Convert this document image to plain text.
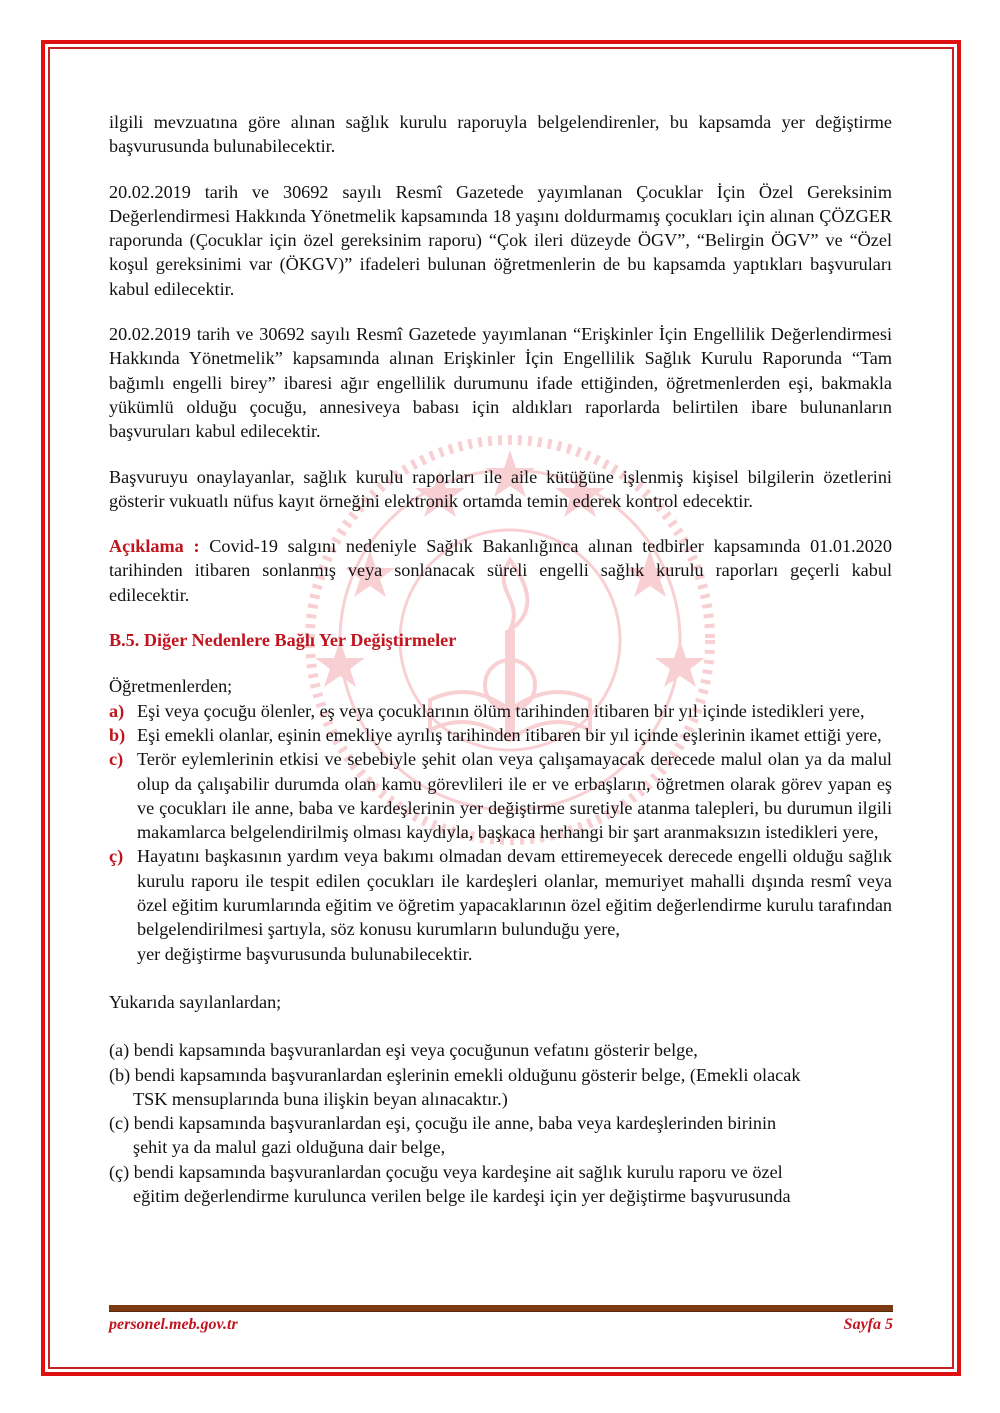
ilgili mevzuatına göre alınan sağlık kurulu raporuyla belgelendirenler, bu kapsamda yer değiştirme başvurusunda bulunabilecektir.

20.02.2019 tarih ve 30692 sayılı Resmî Gazetede yayımlanan Çocuklar İçin Özel Gereksinim Değerlendirmesi Hakkında Yönetmelik kapsamında 18 yaşını doldurmamış çocukları için alınan ÇÖZGER raporunda (Çocuklar için özel gereksinim raporu) “Çok ileri düzeyde ÖGV”, “Belirgin ÖGV” ve “Özel koşul gereksinimi var (ÖKGV)” ifadeleri bulunan öğretmenlerin de bu kapsamda yaptıkları başvuruları kabul edilecektir.

20.02.2019 tarih ve 30692 sayılı Resmî Gazetede yayımlanan “Erişkinler İçin Engellilik Değerlendirmesi Hakkında Yönetmelik” kapsamında alınan Erişkinler İçin Engellilik Sağlık Kurulu Raporunda “Tam bağımlı engelli birey” ibaresi ağır engellilik durumunu ifade ettiğinden, öğretmenlerden eşi, bakmakla yükümlü olduğu çocuğu, annesiveya babası için aldıkları raporlarda belirtilen ibare bulunanların başvuruları kabul edilecektir.

Başvuruyu onaylayanlar, sağlık kurulu raporları ile aile kütüğüne işlenmiş kişisel bilgilerin özetlerini gösterir vukuatlı nüfus kayıt örneğini elektronik ortamda temin ederek kontrol edecektir.

Açıklama : Covid-19 salgını nedeniyle Sağlık Bakanlığınca alınan tedbirler kapsamında 01.01.2020 tarihinden itibaren sonlanmış veya sonlanacak süreli engelli sağlık kurulu raporları geçerli kabul edilecektir.

B.5. Diğer Nedenlere Bağlı Yer Değiştirmeler

Öğretmenlerden;
a) Eşi veya çocuğu ölenler, eş veya çocuklarının ölüm tarihinden itibaren bir yıl içinde istedikleri yere,
b) Eşi emekli olanlar, eşinin emekliye ayrılış tarihinden itibaren bir yıl içinde eşlerinin ikamet ettiği yere,
c) Terör eylemlerinin etkisi ve sebebiyle şehit olan veya çalışamayacak derecede malul olan ya da malul olup da çalışabilir durumda olan kamu görevlileri ile er ve erbaşların, öğretmen olarak görev yapan eş ve çocukları ile anne, baba ve kardeşlerinin yer değiştirme suretiyle atanma talepleri, bu durumun ilgili makamlarca belgelendirilmiş olması kaydıyla, başkaca herhangi bir şart aranmaksızın istedikleri yere,
ç) Hayatını başkasının yardım veya bakımı olmadan devam ettiremeyecek derecede engelli olduğu sağlık kurulu raporu ile tespit edilen çocukları ile kardeşleri olanlar, memuriyet mahalli dışında resmî veya özel eğitim kurumlarında eğitim ve öğretim yapacaklarının özel eğitim değerlendirme kurulu tarafından belgelendirilmesi şartıyla, söz konusu kurumların bulunduğu yere,
yer değiştirme başvurusunda bulunabilecektir.
Yukarıda sayılanlardan;
(a) bendi kapsamında başvuranlardan eşi veya çocuğunun vefatını gösterir belge,
(b) bendi kapsamında başvuranlardan eşlerinin emekli olduğunu gösterir belge, (Emekli olacak
TSK mensuplarında buna ilişkin beyan alınacaktır.)
(c) bendi kapsamında başvuranlardan eşi, çocuğu ile anne, baba veya kardeşlerinden birinin
şehit ya da malul gazi olduğuna dair belge,
(ç) bendi kapsamında başvuranlardan çocuğu veya kardeşine ait sağlık kurulu raporu ve özel
eğitim değerlendirme kurulunca verilen belge ile kardeşi için yer değiştirme başvurusunda
personel.meb.gov.tr	Sayfa 5
